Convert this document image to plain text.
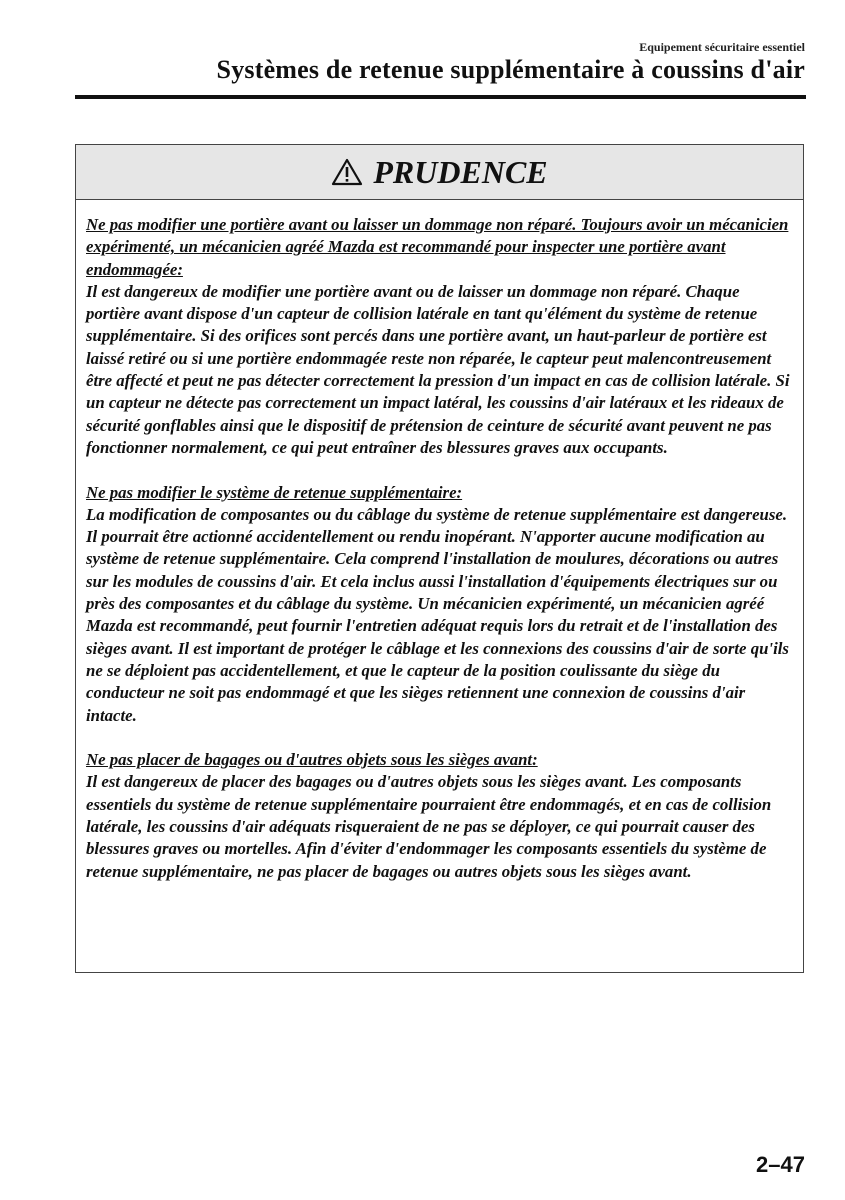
Equipement sécuritaire essentiel
Systèmes de retenue supplémentaire à coussins d'air
PRUDENCE
Ne pas modifier une portière avant ou laisser un dommage non réparé. Toujours avoir un mécanicien expérimenté, un mécanicien agréé Mazda est recommandé pour inspecter une portière avant endommagée:
Il est dangereux de modifier une portière avant ou de laisser un dommage non réparé. Chaque portière avant dispose d'un capteur de collision latérale en tant qu'élément du système de retenue supplémentaire. Si des orifices sont percés dans une portière avant, un haut-parleur de portière est laissé retiré ou si une portière endommagée reste non réparée, le capteur peut malencontreusement être affecté et peut ne pas détecter correctement la pression d'un impact en cas de collision latérale. Si un capteur ne détecte pas correctement un impact latéral, les coussins d'air latéraux et les rideaux de sécurité gonflables ainsi que le dispositif de prétension de ceinture de sécurité avant peuvent ne pas fonctionner normalement, ce qui peut entraîner des blessures graves aux occupants.
Ne pas modifier le système de retenue supplémentaire:
La modification de composantes ou du câblage du système de retenue supplémentaire est dangereuse. Il pourrait être actionné accidentellement ou rendu inopérant. N'apporter aucune modification au système de retenue supplémentaire. Cela comprend l'installation de moulures, décorations ou autres sur les modules de coussins d'air. Et cela inclus aussi l'installation d'équipements électriques sur ou près des composantes et du câblage du système. Un mécanicien expérimenté, un mécanicien agréé Mazda est recommandé, peut fournir l'entretien adéquat requis lors du retrait et de l'installation des sièges avant. Il est important de protéger le câblage et les connexions des coussins d'air de sorte qu'ils ne se déploient pas accidentellement, et que le capteur de la position coulissante du siège du conducteur ne soit pas endommagé et que les sièges retiennent une connexion de coussins d'air intacte.
Ne pas placer de bagages ou d'autres objets sous les sièges avant:
Il est dangereux de placer des bagages ou d'autres objets sous les sièges avant. Les composants essentiels du système de retenue supplémentaire pourraient être endommagés, et en cas de collision latérale, les coussins d'air adéquats risqueraient de ne pas se déployer, ce qui pourrait causer des blessures graves ou mortelles. Afin d'éviter d'endommager les composants essentiels du système de retenue supplémentaire, ne pas placer de bagages ou autres objets sous les sièges avant.
2–47
